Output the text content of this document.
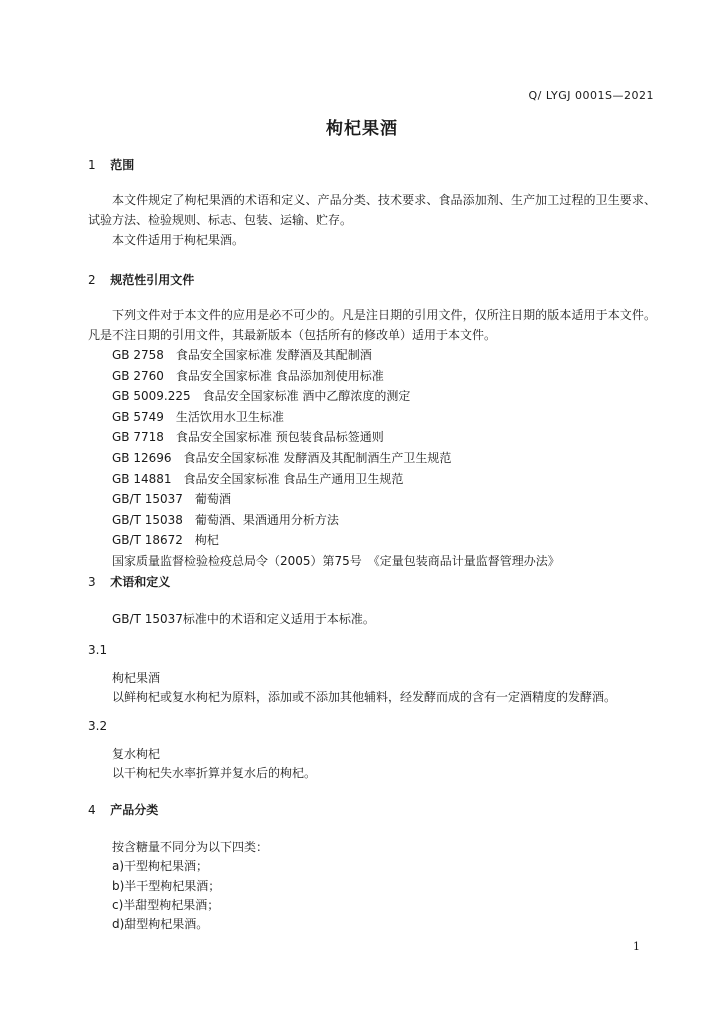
Q/ LYGJ 0001S—2021
枸杞果酒
1 范围
本文件规定了枸杞果酒的术语和定义、产品分类、技术要求、食品添加剂、生产加工过程的卫生要求、试验方法、检验规则、标志、包装、运输、贮存。
本文件适用于枸杞果酒。
2 规范性引用文件
下列文件对于本文件的应用是必不可少的。凡是注日期的引用文件，仅所注日期的版本适用于本文件。凡是不注日期的引用文件，其最新版本（包括所有的修改单）适用于本文件。
GB 2758　食品安全国家标准 发酵酒及其配制酒
GB 2760　食品安全国家标准 食品添加剂使用标准
GB 5009.225　食品安全国家标准 酒中乙醇浓度的测定
GB 5749　生活饮用水卫生标准
GB 7718　食品安全国家标准 预包装食品标签通则
GB 12696　食品安全国家标准 发酵酒及其配制酒生产卫生规范
GB 14881　食品安全国家标准 食品生产通用卫生规范
GB/T 15037　葡萄酒
GB/T 15038　葡萄酒、果酒通用分析方法
GB/T 18672　枸杞
国家质量监督检验检疫总局令（2005）第75号　《定量包装商品计量监督管理办法》
3 术语和定义
GB/T 15037标准中的术语和定义适用于本标准。
3.1
枸杞果酒
以鲜枸杞或复水枸杞为原料，添加或不添加其他辅料，经发酵而成的含有一定酒精度的发酵酒。
3.2
复水枸杞
以干枸杞失水率折算并复水后的枸杞。
4 产品分类
按含糖量不同分为以下四类：
a)干型枸杞果酒；
b)半干型枸杞果酒；
c)半甜型枸杞果酒；
d)甜型枸杞果酒。
1
